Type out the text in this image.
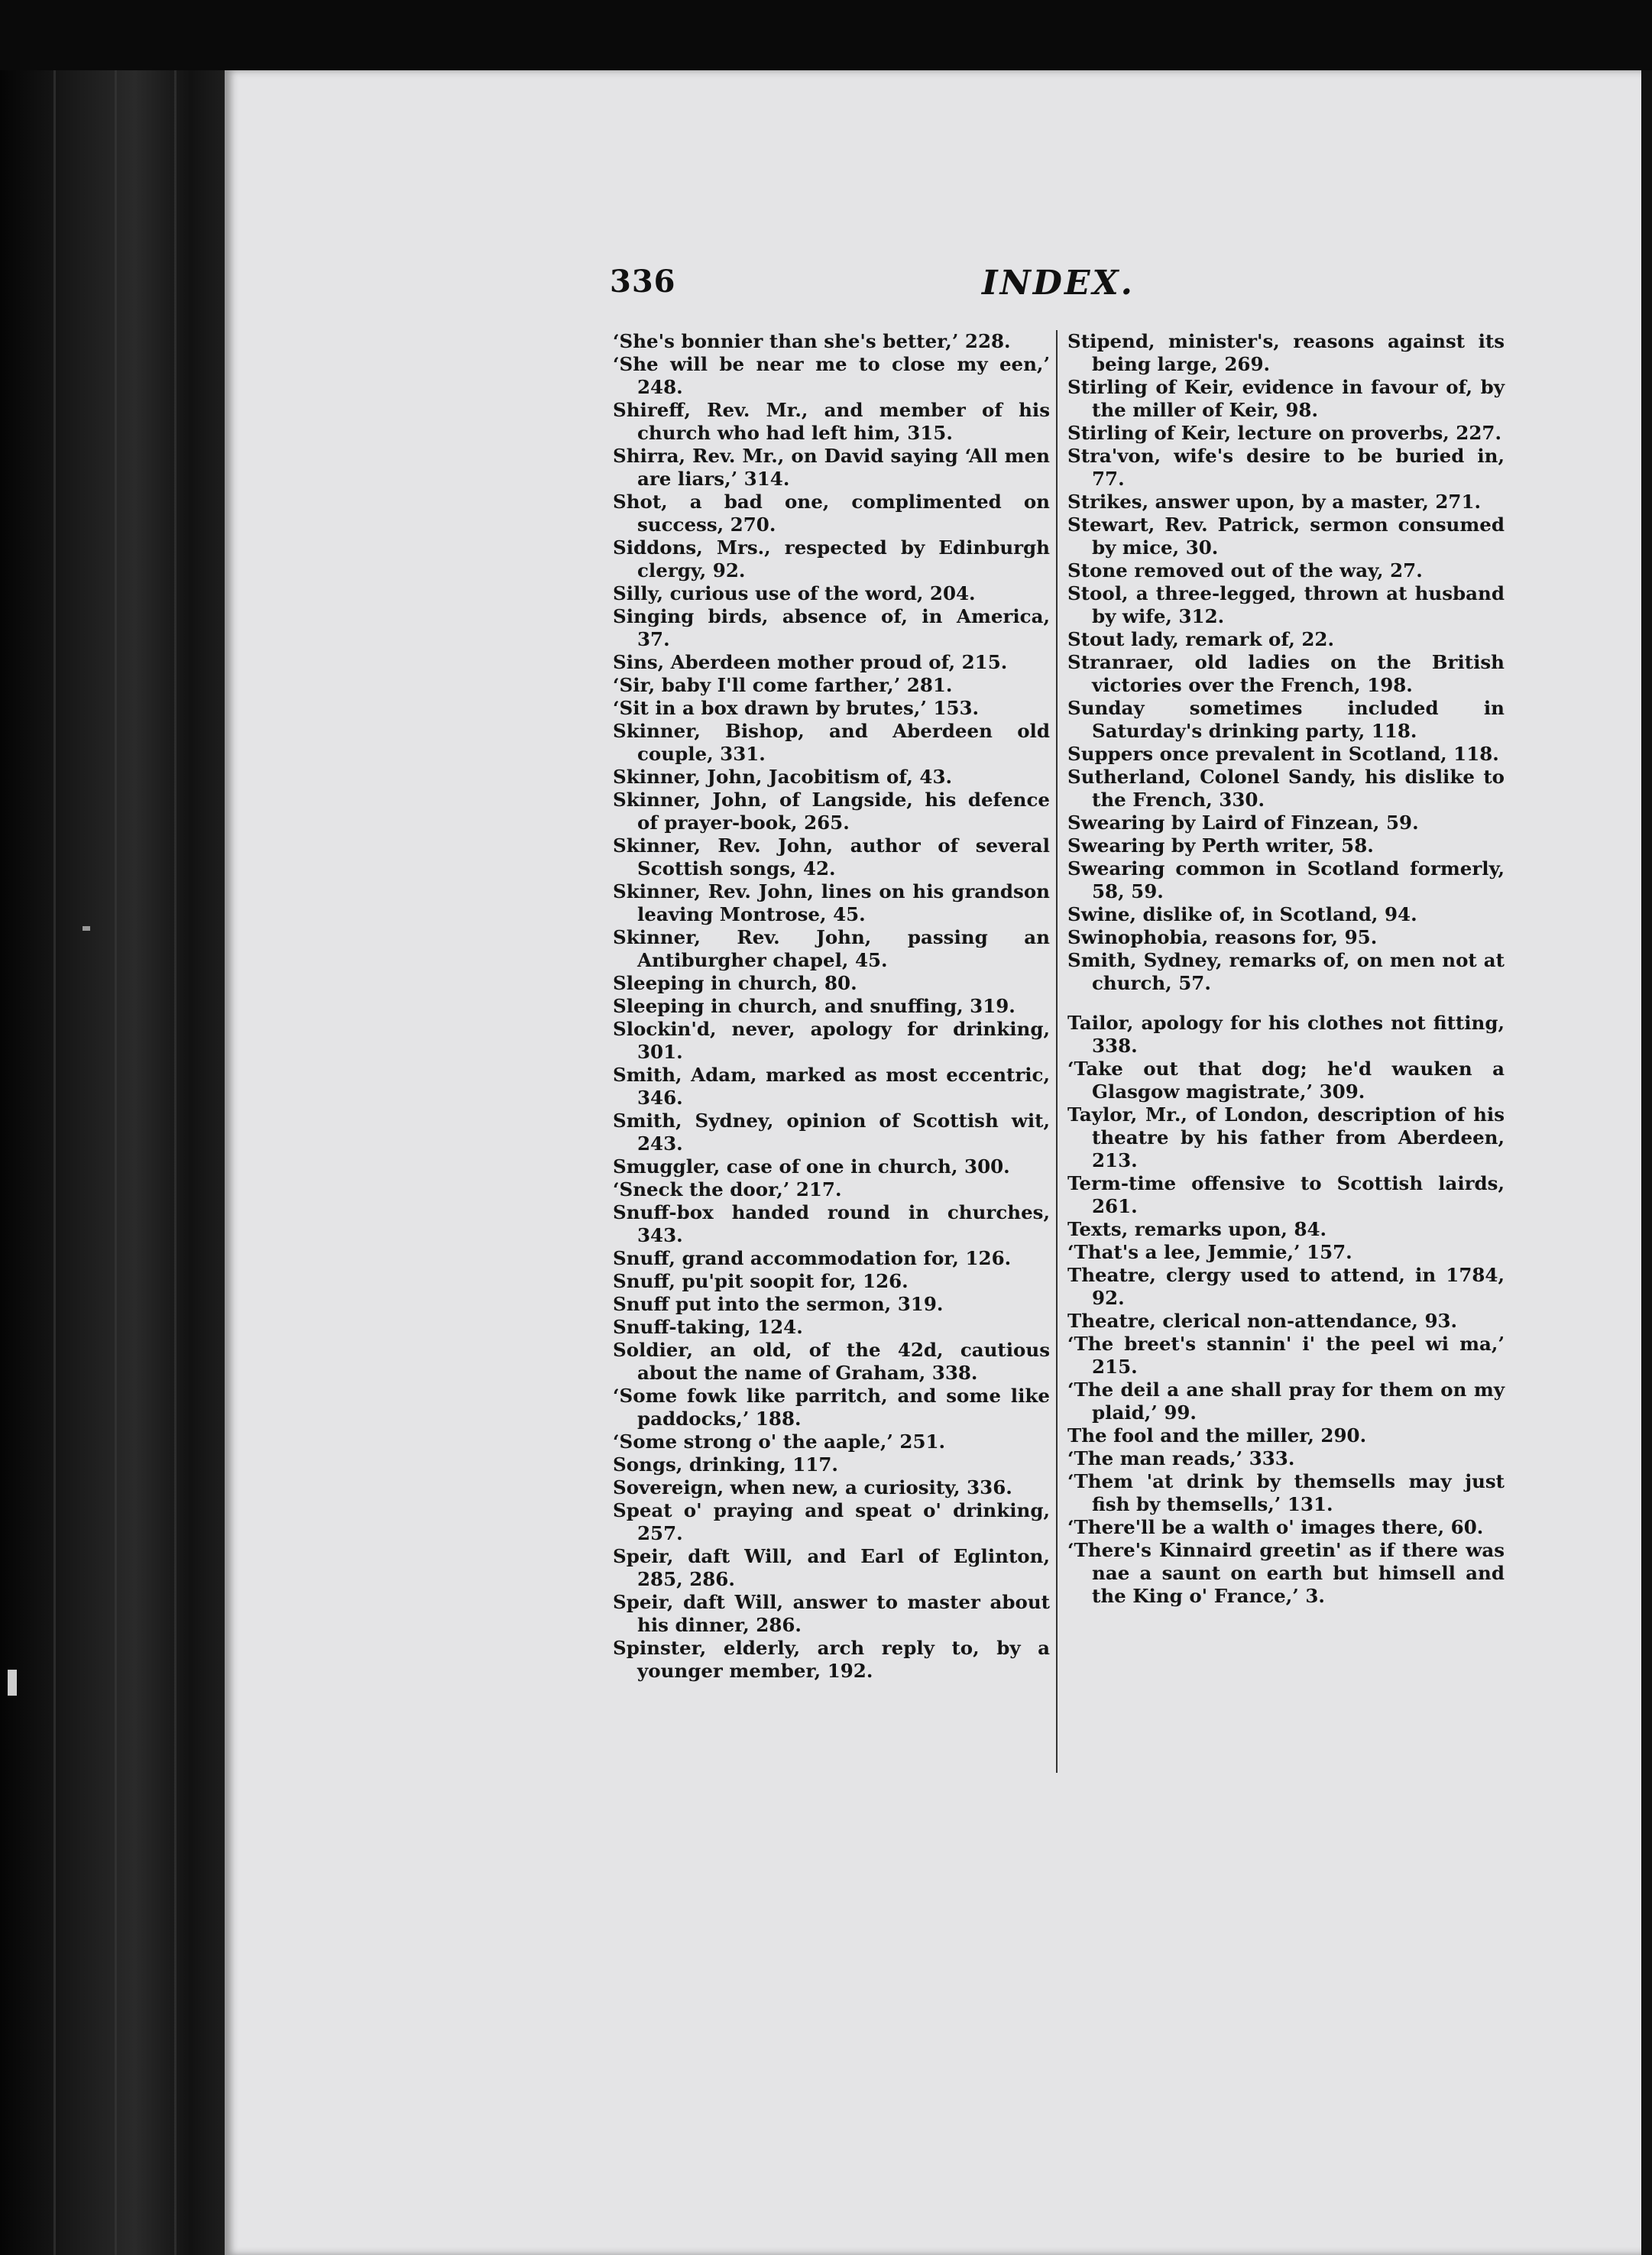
336	INDEX.
‘She's bonnier than she's better,’ 228.
‘She will be near me to close my een,’ 248.
Shireff, Rev. Mr., and member of his church who had left him, 315.
Shirra, Rev. Mr., on David saying ‘All men are liars,’ 314.
Shot, a bad one, complimented on success, 270.
Siddons, Mrs., respected by Edinburgh clergy, 92.
Silly, curious use of the word, 204.
Singing birds, absence of, in America, 37.
Sins, Aberdeen mother proud of, 215.
‘Sir, baby I'll come farther,’ 281.
‘Sit in a box drawn by brutes,’ 153.
Skinner, Bishop, and Aberdeen old couple, 331.
Skinner, John, Jacobitism of, 43.
Skinner, John, of Langside, his defence of prayer-book, 265.
Skinner, Rev. John, author of several Scottish songs, 42.
Skinner, Rev. John, lines on his grandson leaving Montrose, 45.
Skinner, Rev. John, passing an Antiburgher chapel, 45.
Sleeping in church, 80.
Sleeping in church, and snuffing, 319.
Slockin'd, never, apology for drinking, 301.
Smith, Adam, marked as most eccentric, 346.
Smith, Sydney, opinion of Scottish wit, 243.
Smuggler, case of one in church, 300.
‘Sneck the door,’ 217.
Snuff-box handed round in churches, 343.
Snuff, grand accommodation for, 126.
Snuff, pu'pit soopit for, 126.
Snuff put into the sermon, 319.
Snuff-taking, 124.
Soldier, an old, of the 42d, cautious about the name of Graham, 338.
‘Some fowk like parritch, and some like paddocks,’ 188.
‘Some strong o' the aaple,’ 251.
Songs, drinking, 117.
Sovereign, when new, a curiosity, 336.
Speat o' praying and speat o' drinking, 257.
Speir, daft Will, and Earl of Eglinton, 285, 286.
Speir, daft Will, answer to master about his dinner, 286.
Spinster, elderly, arch reply to, by a younger member, 192.
Stipend, minister's, reasons against its being large, 269.
Stirling of Keir, evidence in favour of, by the miller of Keir, 98.
Stirling of Keir, lecture on proverbs, 227.
Stra'von, wife's desire to be buried in, 77.
Strikes, answer upon, by a master, 271.
Stewart, Rev. Patrick, sermon consumed by mice, 30.
Stone removed out of the way, 27.
Stool, a three-legged, thrown at husband by wife, 312.
Stout lady, remark of, 22.
Stranraer, old ladies on the British victories over the French, 198.
Sunday sometimes included in Saturday's drinking party, 118.
Suppers once prevalent in Scotland, 118.
Sutherland, Colonel Sandy, his dislike to the French, 330.
Swearing by Laird of Finzean, 59.
Swearing by Perth writer, 58.
Swearing common in Scotland formerly, 58, 59.
Swine, dislike of, in Scotland, 94.
Swinophobia, reasons for, 95.
Smith, Sydney, remarks of, on men not at church, 57.
Tailor, apology for his clothes not fitting, 338.
‘Take out that dog; he'd wauken a Glasgow magistrate,’ 309.
Taylor, Mr., of London, description of his theatre by his father from Aberdeen, 213.
Term-time offensive to Scottish lairds, 261.
Texts, remarks upon, 84.
‘That's a lee, Jemmie,’ 157.
Theatre, clergy used to attend, in 1784, 92.
Theatre, clerical non-attendance, 93.
‘The breet's stannin' i' the peel wi ma,’ 215.
‘The deil a ane shall pray for them on my plaid,’ 99.
The fool and the miller, 290.
‘The man reads,’ 333.
‘Them 'at drink by themsells may just fish by themsells,’ 131.
‘There'll be a walth o' images there, 60.
‘There's Kinnaird greetin' as if there was nae a saunt on earth but himsell and the King o' France,’ 3.
